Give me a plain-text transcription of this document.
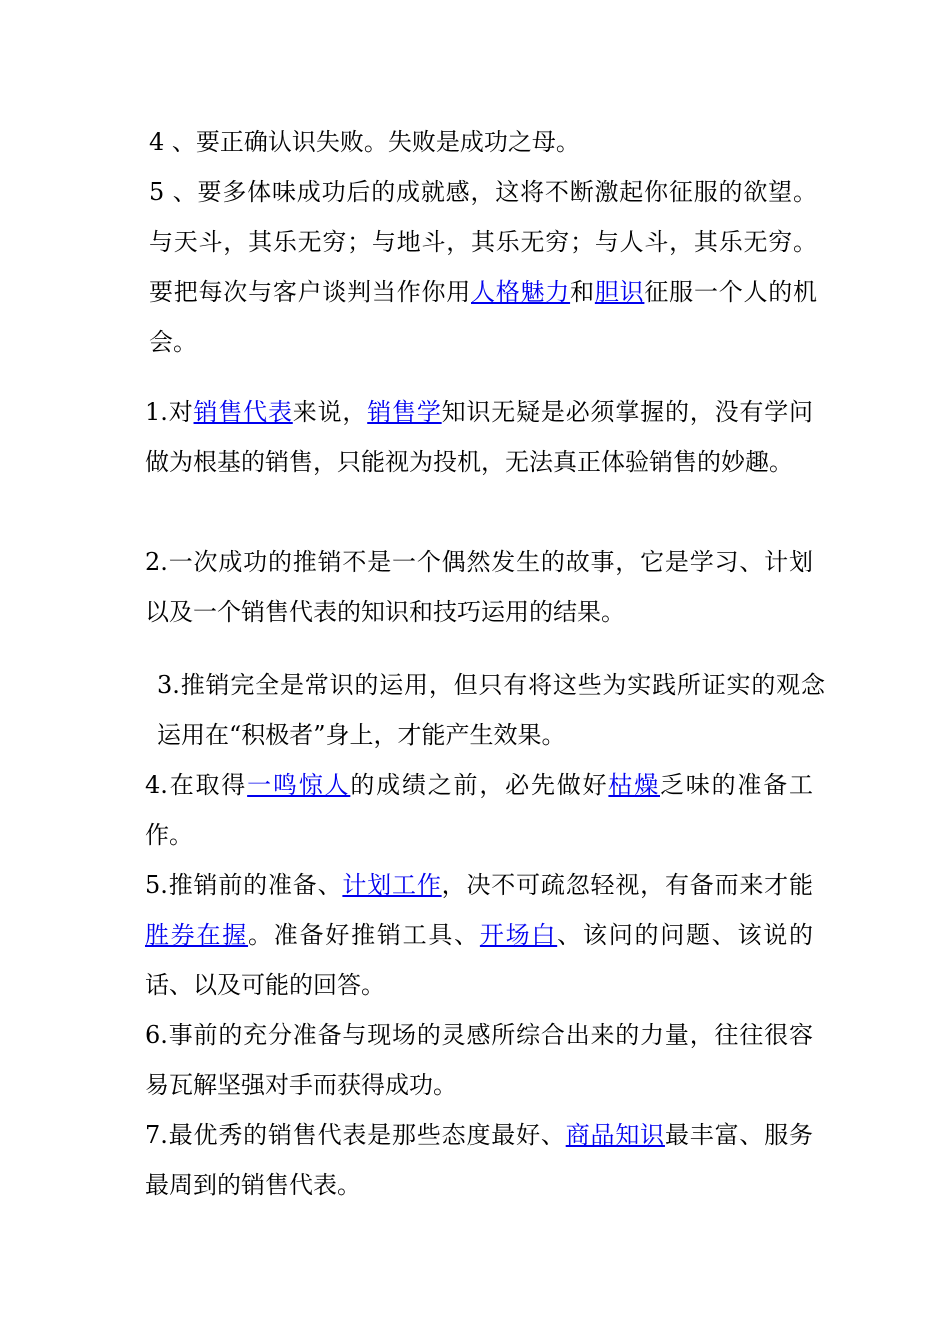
4 、要正确认识失败。失败是成功之母。

5 、要多体味成功后的成就感，这将不断激起你征服的欲望。与天斗，其乐无穷；与地斗，其乐无穷；与人斗，其乐无穷。要把每次与客户谈判当作你用人格魅力和胆识征服一个人的机会。

1.对销售代表来说，销售学知识无疑是必须掌握的，没有学问做为根基的销售，只能视为投机，无法真正体验销售的妙趣。

2.一次成功的推销不是一个偶然发生的故事，它是学习、计划以及一个销售代表的知识和技巧运用的结果。

3.推销完全是常识的运用，但只有将这些为实践所证实的观念运用在“积极者”身上，才能产生效果。

4.在取得一鸣惊人的成绩之前，必先做好枯燥乏味的准备工作。

5.推销前的准备、计划工作，决不可疏忽轻视，有备而来才能胜券在握。准备好推销工具、开场白、该问的问题、该说的话、以及可能的回答。

6.事前的充分准备与现场的灵感所综合出来的力量，往往很容易瓦解坚强对手而获得成功。

7.最优秀的销售代表是那些态度最好、商品知识最丰富、服务最周到的销售代表。
